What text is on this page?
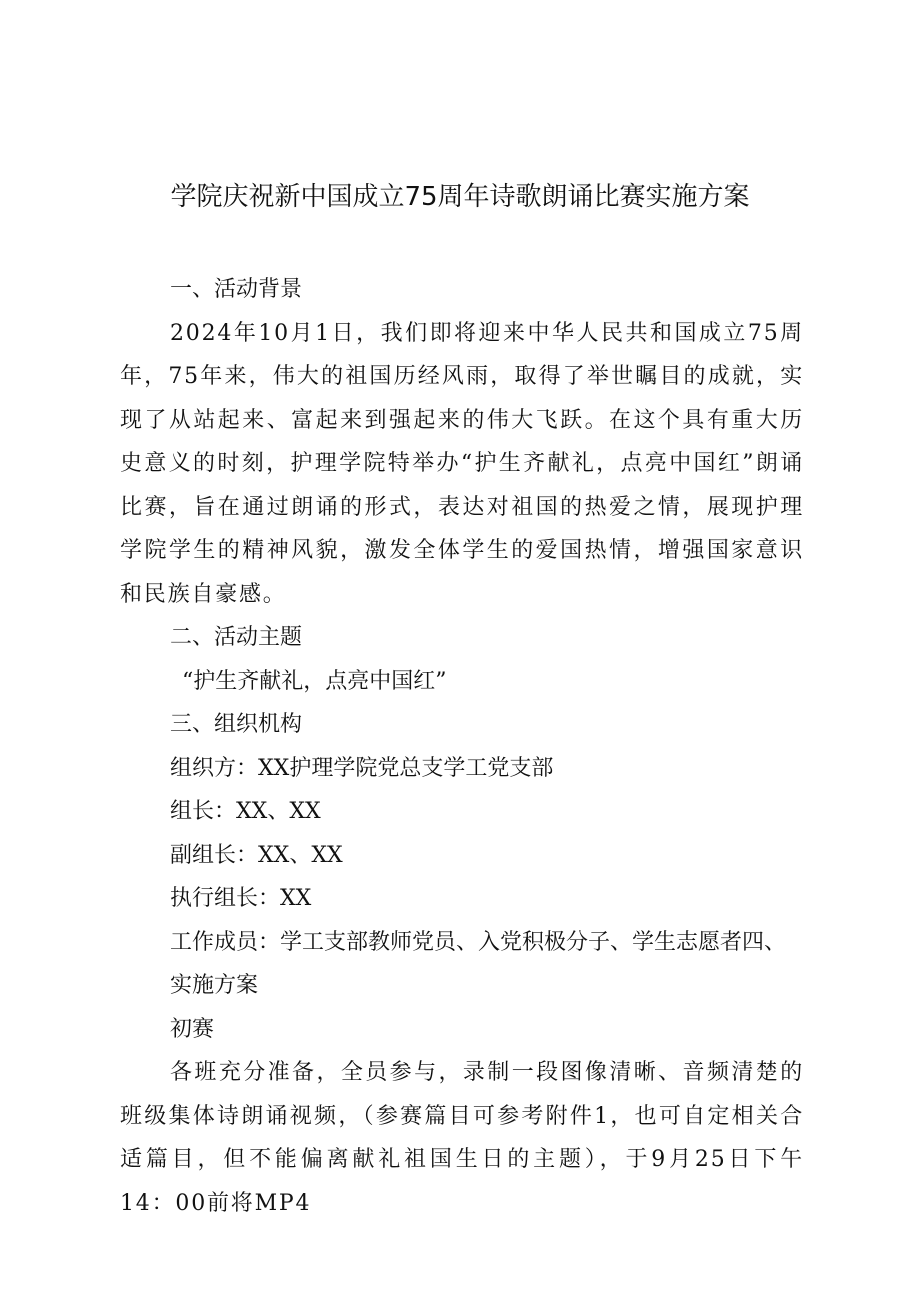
学院庆祝新中国成立75周年诗歌朗诵比赛实施方案

一、活动背景

2024年10月1日，我们即将迎来中华人民共和国成立75周年，75年来，伟大的祖国历经风雨，取得了举世瞩目的成就，实现了从站起来、富起来到强起来的伟大飞跃。在这个具有重大历史意义的时刻，护理学院特举办“护生齐献礼，点亮中国红”朗诵比赛，旨在通过朗诵的形式，表达对祖国的热爱之情，展现护理学院学生的精神风貌，激发全体学生的爱国热情，增强国家意识和民族自豪感。

二、活动主题

“护生齐献礼，点亮中国红”

三、组织机构

组织方：XX护理学院党总支学工党支部

组长：XX、XX

副组长：XX、XX

执行组长：XX

工作成员：学工支部教师党员、入党积极分子、学生志愿者四、

实施方案

初赛

各班充分准备，全员参与，录制一段图像清晰、音频清楚的班级集体诗朗诵视频，（参赛篇目可参考附件1，也可自定相关合适篇目，但不能偏离献礼祖国生日的主题），于9月25日下午14：00前将MP4
